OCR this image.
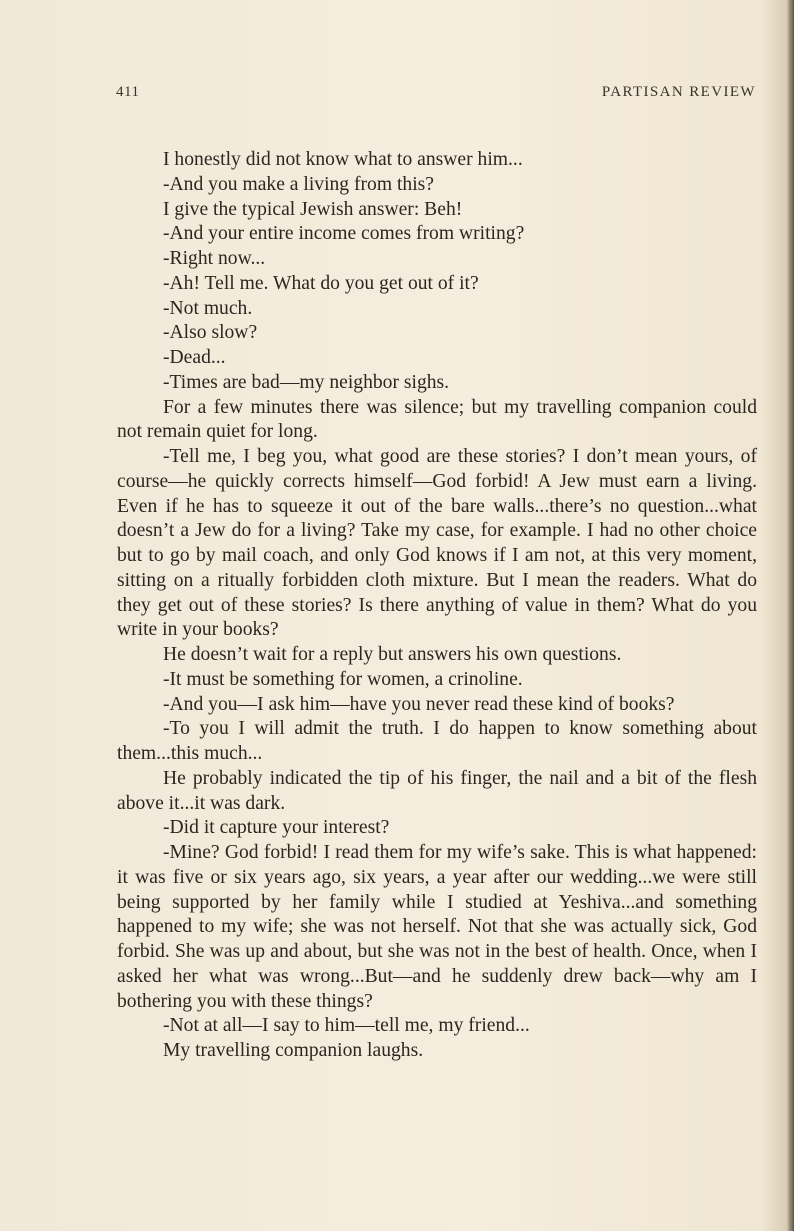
411	PARTISAN REVIEW

I honestly did not know what to answer him...

-And you make a living from this?

I give the typical Jewish answer: Beh!

-And your entire income comes from writing?

-Right now...

-Ah! Tell me. What do you get out of it?

-Not much.

-Also slow?

-Dead...

-Times are bad—my neighbor sighs.

For a few minutes there was silence; but my travelling companion could not remain quiet for long.

-Tell me, I beg you, what good are these stories? I don’t mean yours, of course—he quickly corrects himself—God forbid! A Jew must earn a living. Even if he has to squeeze it out of the bare walls...there’s no question...what doesn’t a Jew do for a living? Take my case, for example. I had no other choice but to go by mail coach, and only God knows if I am not, at this very moment, sitting on a ritually forbidden cloth mixture. But I mean the readers. What do they get out of these stories? Is there anything of value in them? What do you write in your books?

He doesn’t wait for a reply but answers his own questions.

-It must be something for women, a crinoline.

-And you—I ask him—have you never read these kind of books?

-To you I will admit the truth. I do happen to know something about them...this much...

He probably indicated the tip of his finger, the nail and a bit of the flesh above it...it was dark.

-Did it capture your interest?

-Mine? God forbid! I read them for my wife’s sake. This is what happened: it was five or six years ago, six years, a year after our wedding...we were still being supported by her family while I studied at Yeshiva...and something happened to my wife; she was not herself. Not that she was actually sick, God forbid. She was up and about, but she was not in the best of health. Once, when I asked her what was wrong...But—and he suddenly drew back—why am I bothering you with these things?

-Not at all—I say to him—tell me, my friend...

My travelling companion laughs.
